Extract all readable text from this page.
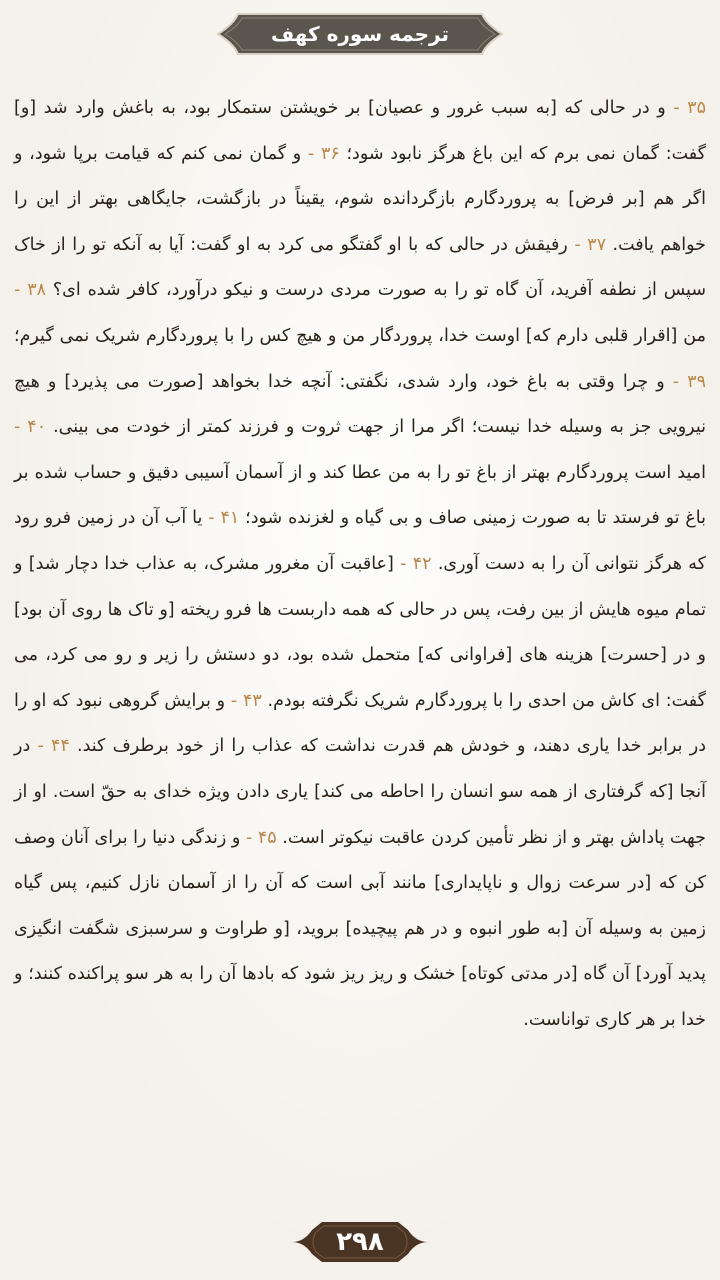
ترجمه سوره کهف
۳۵ - و در حالی که [به سبب غرور و عصیان] بر خویشتن ستمکار بود، به باغش وارد شد [و] گفت: گمان نمی برم که این باغ هرگز نابود شود؛ ۳۶ - و گمان نمی کنم که قیامت برپا شود، و اگر هم [بر فرض] به پروردگارم بازگردانده شوم، یقیناً در بازگشت، جایگاهی بهتر از این را خواهم یافت. ۳۷ - رفیقش در حالی که با او گفتگو می کرد به او گفت: آیا به آنکه تو را از خاک سپس از نطفه آفرید، آن گاه تو را به صورت مردی درست و نیکو درآورد، کافر شده ای؟ ۳۸ - من [اقرار قلبی دارم که] اوست خدا، پروردگار من و هیچ کس را با پروردگارم شریک نمی گیرم؛ ۳۹ - و چرا وقتی به باغ خود، وارد شدی، نگفتی: آنچه خدا بخواهد [صورت می پذیرد] و هیچ نیرویی جز به وسیله خدا نیست؛ اگر مرا از جهت ثروت و فرزند کمتر از خودت می بینی. ۴۰ - امید است پروردگارم بهتر از باغ تو را به من عطا کند و از آسمان آسیبی دقیق و حساب شده بر باغ تو فرستد تا به صورت زمینی صاف و بی گیاه و لغزنده شود؛ ۴۱ - یا آب آن در زمین فرو رود که هرگز نتوانی آن را به دست آوری. ۴۲ - [عاقبت آن مغرور مشرک، به عذاب خدا دچار شد] و تمام میوه هایش از بین رفت، پس در حالی که همه داربست ها فرو ریخته [و تاک ها روی آن بود] و در [حسرت] هزینه های [فراوانی که] متحمل شده بود، دو دستش را زیر و رو می کرد، می گفت: ای کاش من احدی را با پروردگارم شریک نگرفته بودم. ۴۳ - و برایش گروهی نبود که او را در برابر خدا یاری دهند، و خودش هم قدرت نداشت که عذاب را از خود برطرف کند. ۴۴ - در آنجا [که گرفتاری از همه سو انسان را احاطه می کند] یاری دادن ویژه خدای به حقّ است. او از جهت پاداش بهتر و از نظر تأمین کردن عاقبت نیکوتر است. ۴۵ - و زندگی دنیا را برای آنان وصف کن که [در سرعت زوال و ناپایداری] مانند آبی است که آن را از آسمان نازل کنیم، پس گیاه زمین به وسیله آن [به طور انبوه و در هم پیچیده] بروید، [و طراوت و سرسبزی شگفت انگیزی پدید آورد] آن گاه [در مدتی کوتاه] خشک و ریز ریز شود که بادها آن را به هر سو پراکنده کنند؛ و خدا بر هر کاری تواناست.
۲۹۸
